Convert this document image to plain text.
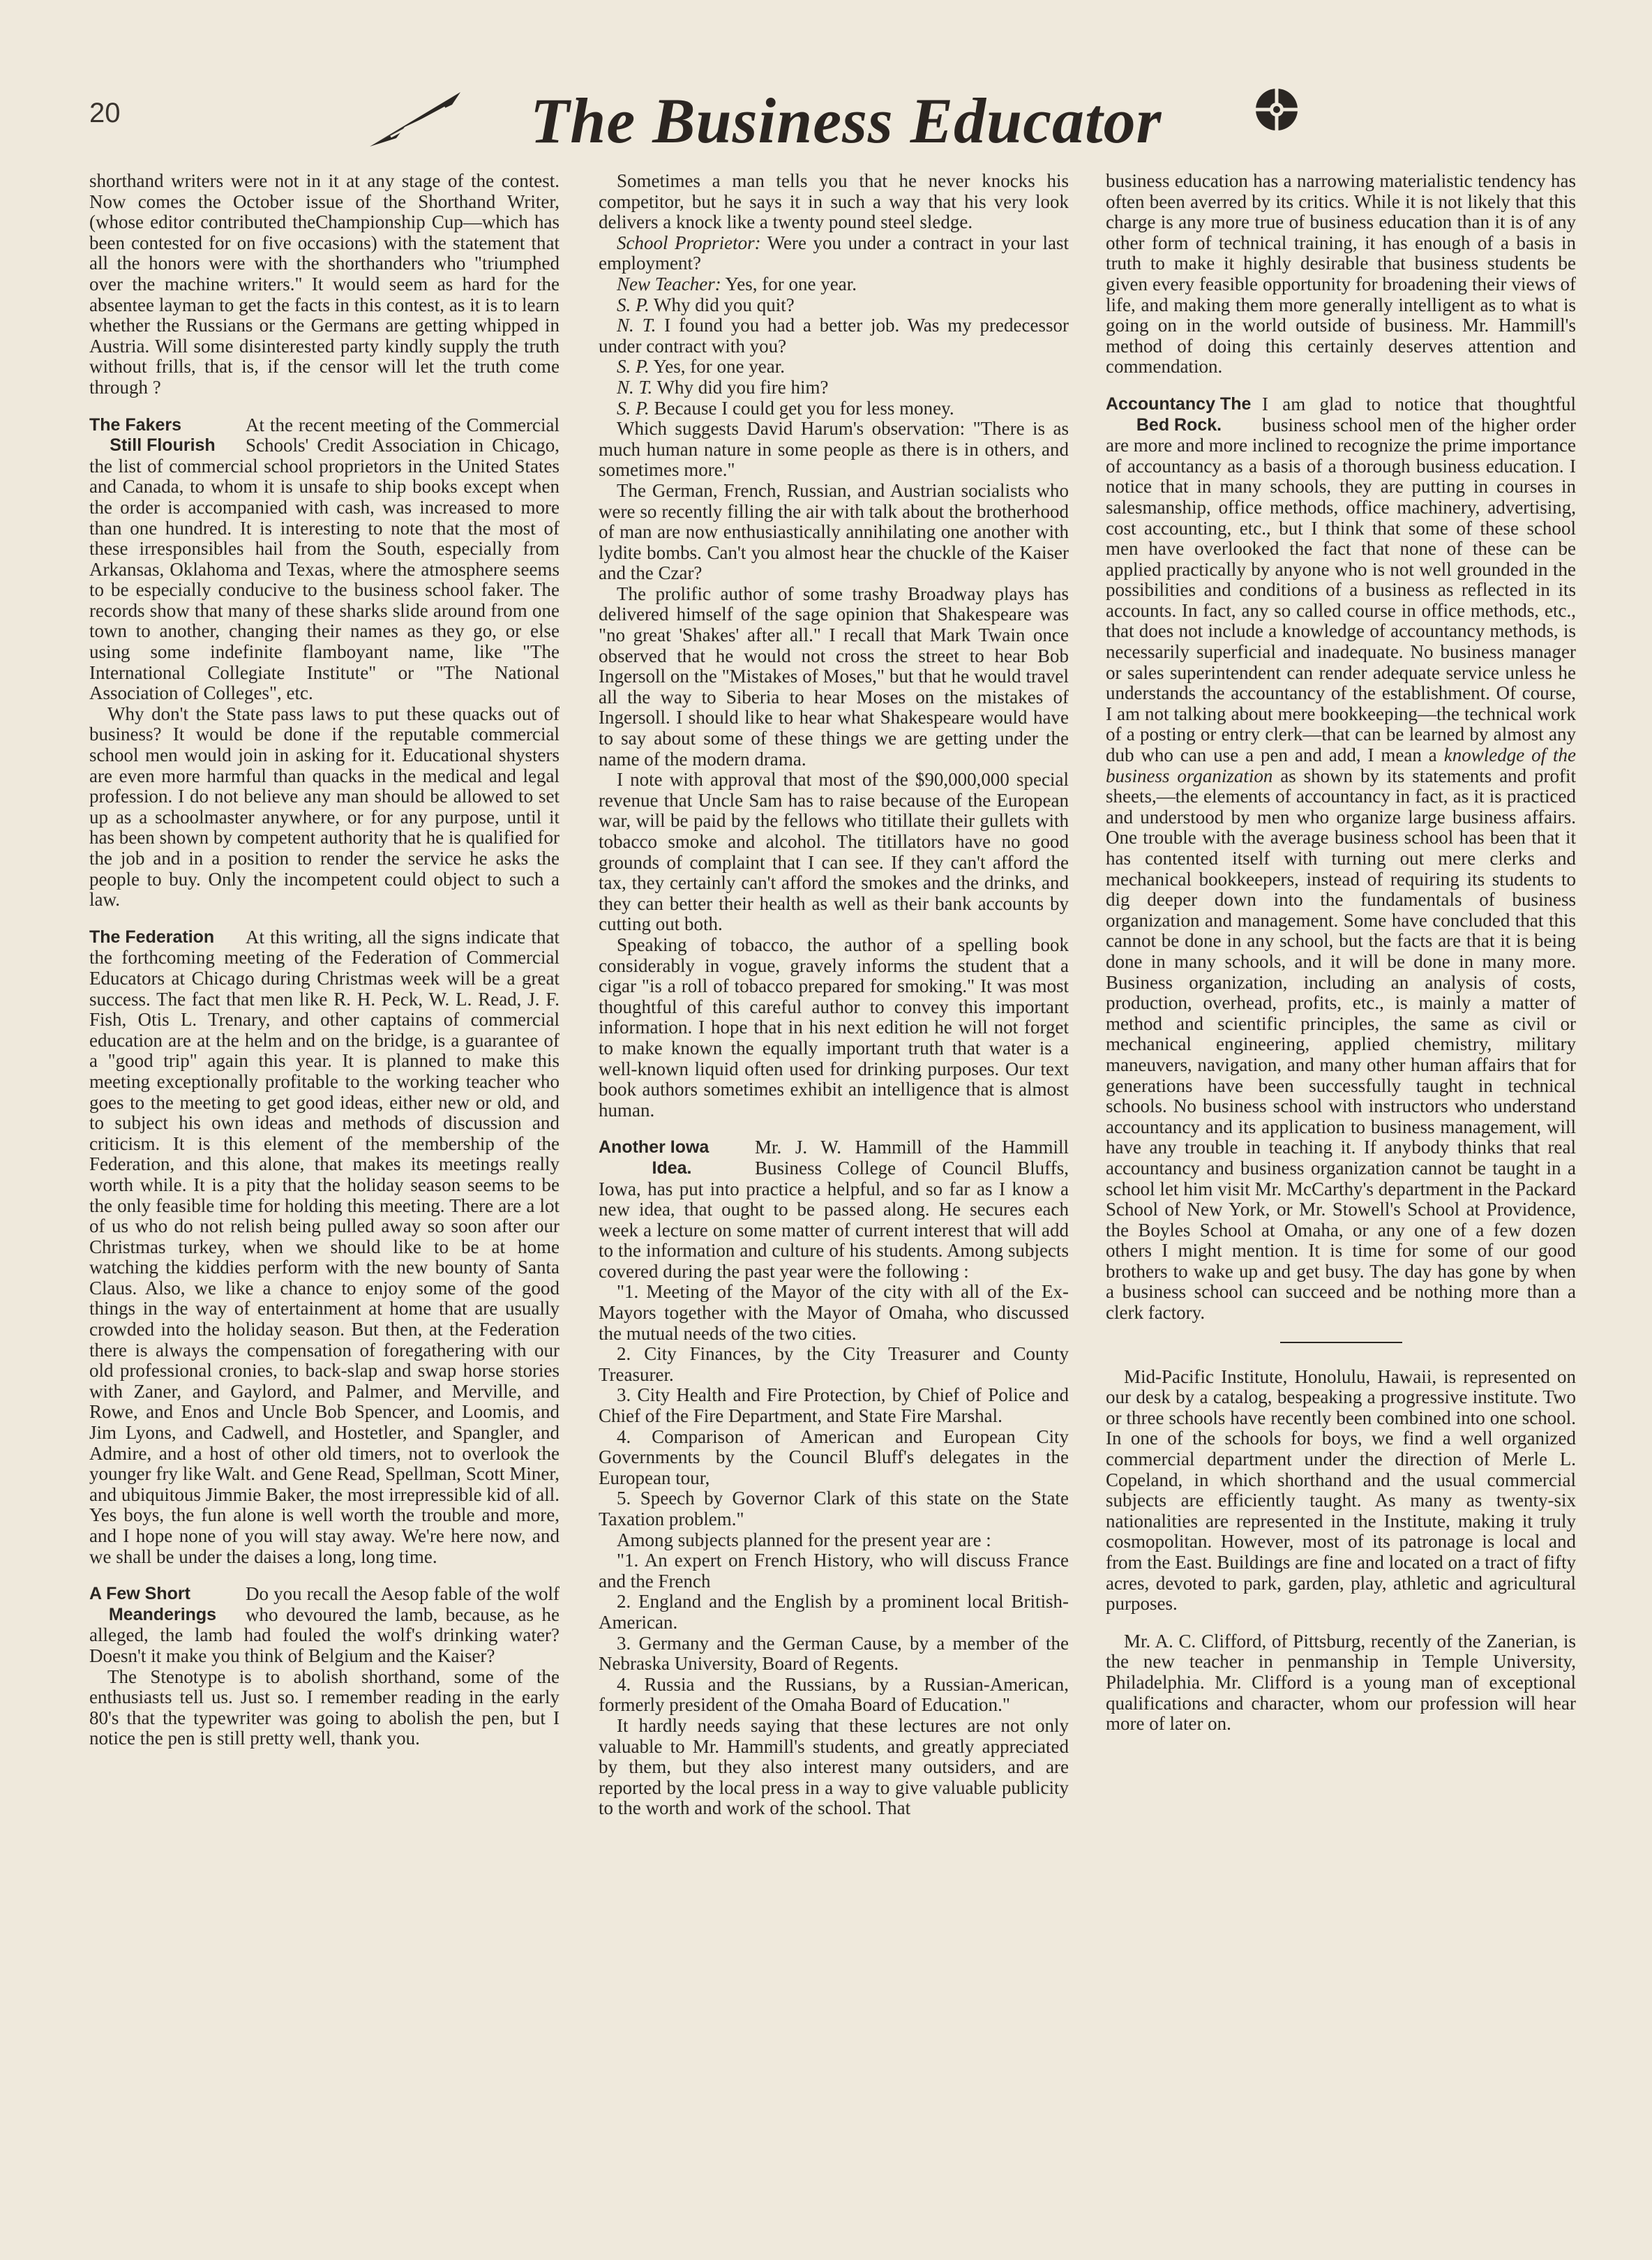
20	The Business Educator

shorthand writers were not in it at any stage of the contest. Now comes the October issue of the Shorthand Writer, (whose editor contributed theChampionship Cup—which has been contested for on five occasions) with the statement that all the honors were with the shorthanders who "triumphed over the machine writers." It would seem as hard for the absentee layman to get the facts in this contest, as it is to learn whether the Russians or the Germans are getting whipped in Austria. Will some disinterested party kindly supply the truth without frills, that is, if the censor will let the truth come through ?

The Fakers
Still Flourish

At the recent meeting of the Commercial Schools' Credit Association in Chicago, the list of commercial school proprietors in the United States and Canada, to whom it is unsafe to ship books except when the order is accompanied with cash, was increased to more than one hundred. It is interesting to note that the most of these irresponsibles hail from the South, especially from Arkansas, Oklahoma and Texas, where the atmosphere seems to be especially conducive to the business school faker. The records show that many of these sharks slide around from one town to another, changing their names as they go, or else using some indefinite flamboyant name, like "The International Collegiate Institute" or "The National Association of Colleges", etc.

Why don't the State pass laws to put these quacks out of business? It would be done if the reputable commercial school men would join in asking for it. Educational shysters are even more harmful than quacks in the medical and legal profession. I do not believe any man should be allowed to set up as a schoolmaster anywhere, or for any purpose, until it has been shown by competent authority that he is qualified for the job and in a position to render the service he asks the people to buy. Only the incompetent could object to such a law.

The Federation	At this writing, all the signs indicate that the forthcoming meeting of the Federation of Commercial Educators at Chicago during Christmas week will be a great success. The fact that men like R. H. Peck, W. L. Read, J. F. Fish, Otis L. Trenary, and other captains of commercial education are at the helm and on the bridge, is a guarantee of a "good trip" again this year. It is planned to make this meeting exceptionally profitable to the working teacher who goes to the meeting to get good ideas, either new or old, and to subject his own ideas and methods of discussion and criticism. It is this element of the membership of the Federation, and this alone, that makes its meetings really worth while. It is a pity that the holiday season seems to be the only feasible time for holding this meeting. There are a lot of us who do not relish being pulled away so soon after our Christmas turkey, when we should like to be at home watching the kiddies perform with the new bounty of Santa Claus. Also, we like a chance to enjoy some of the good things in the way of entertainment at home that are usually crowded into the holiday season. But then, at the Federation there is always the compensation of foregathering with our old professional cronies, to back-slap and swap horse stories with Zaner, and Gaylord, and Palmer, and Merville, and Rowe, and Enos and Uncle Bob Spencer, and Loomis, and Jim Lyons, and Cadwell, and Hostetler, and Spangler, and Admire, and a host of other old timers, not to overlook the younger fry like Walt. and Gene Read, Spellman, Scott Miner, and ubiquitous Jimmie Baker, the most irrepressible kid of all. Yes boys, the fun alone is well worth the trouble and more, and I hope none of you will stay away. We're here now, and we shall be under the daises a long, long time.

A Few Short
Meanderings

Do you recall the Aesop fable of the wolf who devoured the lamb, because, as he alleged, the lamb had fouled the wolf's drinking water? Doesn't it make you think of Belgium and the Kaiser?

The Stenotype is to abolish shorthand, some of the enthusiasts tell us. Just so. I remember reading in the early 80's that the typewriter was going to abolish the pen, but I notice the pen is still pretty well, thank you.

Sometimes a man tells you that he never knocks his competitor, but he says it in such a way that his very look delivers a knock like a twenty pound steel sledge.

School Proprietor: Were you under a contract in your last employment?

New Teacher: Yes, for one year.

S. P. Why did you quit?

N. T. I found you had a better job. Was my predecessor under contract with you?

S. P. Yes, for one year.

N. T. Why did you fire him?

S. P. Because I could get you for less money.

Which suggests David Harum's observation: "There is as much human nature in some people as there is in others, and sometimes more."

The German, French, Russian, and Austrian socialists who were so recently filling the air with talk about the brotherhood of man are now enthusiastically annihilating one another with lydite bombs. Can't you almost hear the chuckle of the Kaiser and the Czar?

The prolific author of some trashy Broadway plays has delivered himself of the sage opinion that Shakespeare was "no great 'Shakes' after all." I recall that Mark Twain once observed that he would not cross the street to hear Bob Ingersoll on the "Mistakes of Moses," but that he would travel all the way to Siberia to hear Moses on the mistakes of Ingersoll. I should like to hear what Shakespeare would have to say about some of these things we are getting under the name of the modern drama.

I note with approval that most of the $90,000,000 special revenue that Uncle Sam has to raise because of the European war, will be paid by the fellows who titillate their gullets with tobacco smoke and alcohol. The titillators have no good grounds of complaint that I can see. If they can't afford the tax, they certainly can't afford the smokes and the drinks, and they can better their health as well as their bank accounts by cutting out both.

Speaking of tobacco, the author of a spelling book considerably in vogue, gravely informs the student that a cigar "is a roll of tobacco prepared for smoking." It was most thoughtful of this careful author to convey this important information. I hope that in his next edition he will not forget to make known the equally important truth that water is a well-known liquid often used for drinking purposes. Our text book authors sometimes exhibit an intelligence that is almost human.

Another Iowa
Idea.

Mr. J. W. Hammill of the Hammill Business College of Council Bluffs, Iowa, has put into practice a helpful, and so far as I know a new idea, that ought to be passed along. He secures each week a lecture on some matter of current interest that will add to the information and culture of his students. Among subjects covered during the past year were the following :

"1. Meeting of the Mayor of the city with all of the Ex-Mayors together with the Mayor of Omaha, who discussed the mutual needs of the two cities.

2. City Finances, by the City Treasurer and County Treasurer.

3. City Health and Fire Protection, by Chief of Police and Chief of the Fire Department, and State Fire Marshal.

4. Comparison of American and European City Governments by the Council Bluff's delegates in the European tour,

5. Speech by Governor Clark of this state on the State Taxation problem."

Among subjects planned for the present year are :

"1. An expert on French History, who will discuss France and the French

2. England and the English by a prominent local British-American.

3. Germany and the German Cause, by a member of the Nebraska University, Board of Regents.

4. Russia and the Russians, by a Russian-American, formerly president of the Omaha Board of Education."

It hardly needs saying that these lectures are not only valuable to Mr. Hammill's students, and greatly appreciated by them, but they also interest many outsiders, and are reported by the local press in a way to give valuable publicity to the worth and work of the school. That

business education has a narrowing materialistic tendency has often been averred by its critics. While it is not likely that this charge is any more true of business education than it is of any other form of technical training, it has enough of a basis in truth to make it highly desirable that business students be given every feasible opportunity for broadening their views of life, and making them more generally intelligent as to what is going on in the world outside of business. Mr. Hammill's method of doing this certainly deserves attention and commendation.

Accountancy The
Bed Rock.

I am glad to notice that thoughtful business school men of the higher order are more and more inclined to recognize the prime importance of accountancy as a basis of a thorough business education. I notice that in many schools, they are putting in courses in salesmanship, office methods, office machinery, advertising, cost accounting, etc., but I think that some of these school men have overlooked the fact that none of these can be applied practically by anyone who is not well grounded in the possibilities and conditions of a business as reflected in its accounts. In fact, any so called course in office methods, etc., that does not include a knowledge of accountancy methods, is necessarily superficial and inadequate. No business manager or sales superintendent can render adequate service unless he understands the accountancy of the establishment. Of course, I am not talking about mere bookkeeping—the technical work of a posting or entry clerk—that can be learned by almost any dub who can use a pen and add, I mean a knowledge of the business organization as shown by its statements and profit sheets,—the elements of accountancy in fact, as it is practiced and understood by men who organize large business affairs. One trouble with the average business school has been that it has contented itself with turning out mere clerks and mechanical bookkeepers, instead of requiring its students to dig deeper down into the fundamentals of business organization and management. Some have concluded that this cannot be done in any school, but the facts are that it is being done in many schools, and it will be done in many more. Business organization, including an analysis of costs, production, overhead, profits, etc., is mainly a matter of method and scientific principles, the same as civil or mechanical engineering, applied chemistry, military maneuvers, navigation, and many other human affairs that for generations have been successfully taught in technical schools. No business school with instructors who understand accountancy and its application to business management, will have any trouble in teaching it. If anybody thinks that real accountancy and business organization cannot be taught in a school let him visit Mr. McCarthy's department in the Packard School of New York, or Mr. Stowell's School at Providence, the Boyles School at Omaha, or any one of a few dozen others I might mention. It is time for some of our good brothers to wake up and get busy. The day has gone by when a business school can succeed and be nothing more than a clerk factory.

Mid-Pacific Institute, Honolulu, Hawaii, is represented on our desk by a catalog, bespeaking a progressive institute. Two or three schools have recently been combined into one school. In one of the schools for boys, we find a well organized commercial department under the direction of Merle L. Copeland, in which shorthand and the usual commercial subjects are efficiently taught. As many as twenty-six nationalities are represented in the Institute, making it truly cosmopolitan. However, most of its patronage is local and from the East. Buildings are fine and located on a tract of fifty acres, devoted to park, garden, play, athletic and agricultural purposes.

Mr. A. C. Clifford, of Pittsburg, recently of the Zanerian, is the new teacher in penmanship in Temple University, Philadelphia. Mr. Clifford is a young man of exceptional qualifications and character, whom our profession will hear more of later on.
